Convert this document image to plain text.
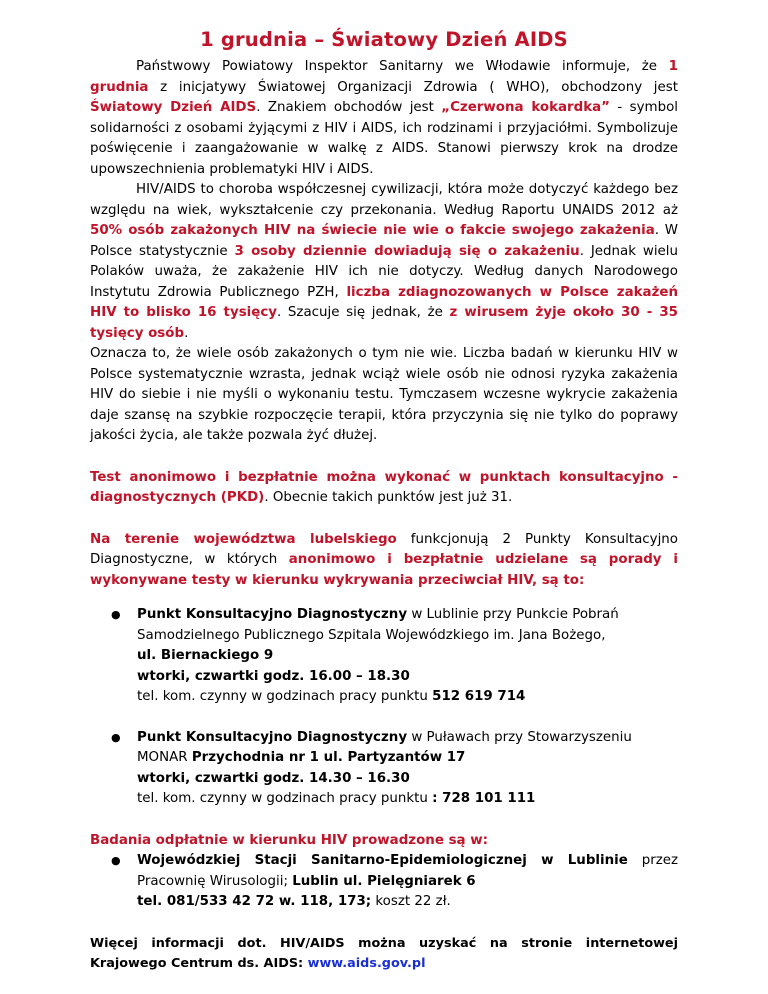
1 grudnia – Światowy Dzień AIDS

Państwowy Powiatowy Inspektor Sanitarny we Włodawie informuje, że 1 grudnia z inicjatywy Światowej Organizacji Zdrowia ( WHO), obchodzony jest Światowy Dzień AIDS. Znakiem obchodów jest „Czerwona kokardka” - symbol solidarności z osobami żyjącymi z HIV i AIDS, ich rodzinami i przyjaciółmi. Symbolizuje poświęcenie i zaangażowanie w walkę z AIDS. Stanowi pierwszy krok na drodze upowszechnienia problematyki HIV i AIDS.

HIV/AIDS to choroba współczesnej cywilizacji, która może dotyczyć każdego bez względu na wiek, wykształcenie czy przekonania. Według Raportu UNAIDS 2012 aż 50% osób zakażonych HIV na świecie nie wie o fakcie swojego zakażenia. W Polsce statystycznie 3 osoby dziennie dowiadują się o zakażeniu. Jednak wielu Polaków uważa, że zakażenie HIV ich nie dotyczy. Według danych Narodowego Instytutu Zdrowia Publicznego PZH, liczba zdiagnozowanych w Polsce zakażeń HIV to blisko 16 tysięcy. Szacuje się jednak, że z wirusem żyje około 30 - 35 tysięcy osób.

Oznacza to, że wiele osób zakażonych o tym nie wie. Liczba badań w kierunku HIV w Polsce systematycznie wzrasta, jednak wciąż wiele osób nie odnosi ryzyka zakażenia HIV do siebie i nie myśli o wykonaniu testu. Tymczasem wczesne wykrycie zakażenia daje szansę na szybkie rozpoczęcie terapii, która przyczynia się nie tylko do poprawy jakości życia, ale także pozwala żyć dłużej.

Test anonimowo i bezpłatnie można wykonać w punktach konsultacyjno - diagnostycznych (PKD). Obecnie takich punktów jest już 31.

Na terenie województwa lubelskiego funkcjonują 2 Punkty Konsultacyjno Diagnostyczne, w których anonimowo i bezpłatnie udzielane są porady i wykonywane testy w kierunku wykrywania przeciwciał HIV, są to:

● Punkt Konsultacyjno Diagnostyczny w Lublinie przy Punkcie Pobrań Samodzielnego Publicznego Szpitala Wojewódzkiego im. Jana Bożego,
ul. Biernackiego 9
wtorki, czwartki godz. 16.00 – 18.30
tel. kom. czynny w godzinach pracy punktu 512 619 714
● Punkt Konsultacyjno Diagnostyczny w Puławach przy Stowarzyszeniu MONAR Przychodnia nr 1 ul. Partyzantów 17
wtorki, czwartki godz. 14.30 – 16.30
tel. kom. czynny w godzinach pracy punktu : 728 101 111

Badania odpłatnie w kierunku HIV prowadzone są w:

● Wojewódzkiej Stacji Sanitarno-Epidemiologicznej w Lublinie przez Pracownię Wirusologii; Lublin ul. Pielęgniarek 6
tel. 081/533 42 72 w. 118, 173; koszt 22 zł.

Więcej informacji dot. HIV/AIDS można uzyskać na stronie internetowej Krajowego Centrum ds. AIDS: www.aids.gov.pl
